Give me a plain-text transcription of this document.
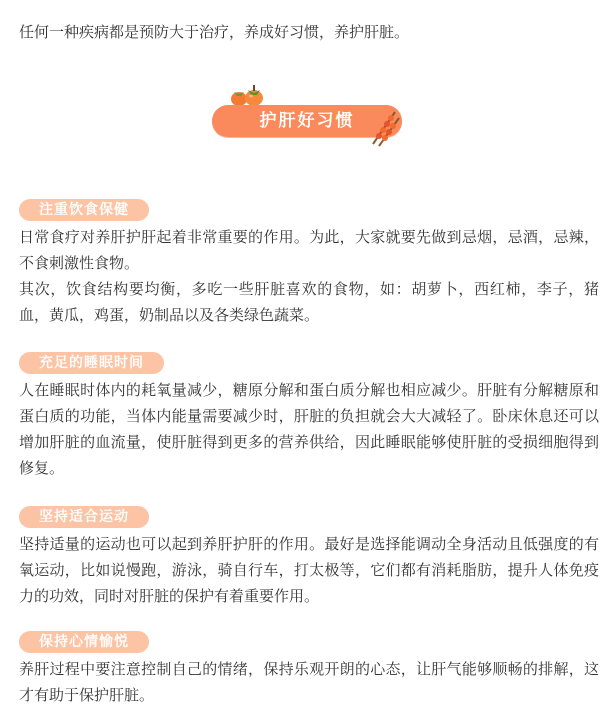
任何一种疾病都是预防大于治疗，养成好习惯，养护肝脏。

护肝好习惯
注重饮食保健

日常食疗对养肝护肝起着非常重要的作用。为此，大家就要先做到忌烟，忌酒，忌辣，不食刺激性食物。

其次，饮食结构要均衡，多吃一些肝脏喜欢的食物，如：胡萝卜，西红柿，李子，猪血，黄瓜，鸡蛋，奶制品以及各类绿色蔬菜。

充足的睡眠时间

人在睡眠时体内的耗氧量减少，糖原分解和蛋白质分解也相应减少。肝脏有分解糖原和蛋白质的功能，当体内能量需要减少时，肝脏的负担就会大大减轻了。卧床休息还可以增加肝脏的血流量，使肝脏得到更多的营养供给，因此睡眠能够使肝脏的受损细胞得到修复。

坚持适合运动

坚持适量的运动也可以起到养肝护肝的作用。最好是选择能调动全身活动且低强度的有氧运动，比如说慢跑，游泳，骑自行车，打太极等，它们都有消耗脂肪，提升人体免疫力的功效，同时对肝脏的保护有着重要作用。

保持心情愉悦

养肝过程中要注意控制自己的情绪，保持乐观开朗的心态，让肝气能够顺畅的排解，这才有助于保护肝脏。
